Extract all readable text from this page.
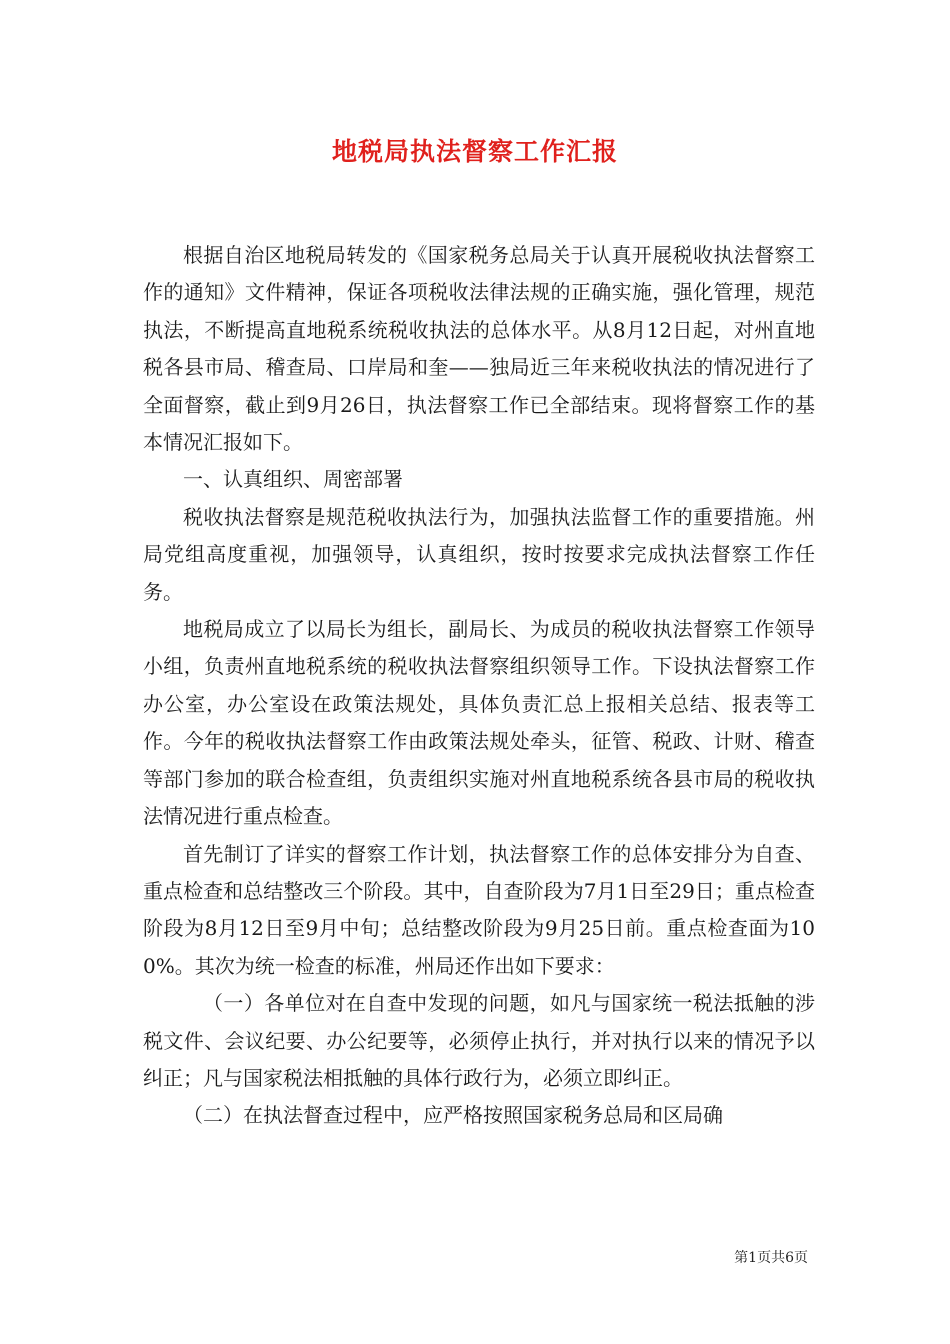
地税局执法督察工作汇报

根据自治区地税局转发的《国家税务总局关于认真开展税收执法督察工作的通知》文件精神，保证各项税收法律法规的正确实施，强化管理，规范执法，不断提高直地税系统税收执法的总体水平。从8月12日起，对州直地税各县市局、稽查局、口岸局和奎——独局近三年来税收执法的情况进行了全面督察，截止到9月26日，执法督察工作已全部结束。现将督察工作的基本情况汇报如下。

一、认真组织、周密部署

税收执法督察是规范税收执法行为，加强执法监督工作的重要措施。州局党组高度重视，加强领导，认真组织，按时按要求完成执法督察工作任务。

地税局成立了以局长为组长，副局长、为成员的税收执法督察工作领导小组，负责州直地税系统的税收执法督察组织领导工作。下设执法督察工作办公室，办公室设在政策法规处，具体负责汇总上报相关总结、报表等工作。今年的税收执法督察工作由政策法规处牵头，征管、税政、计财、稽查等部门参加的联合检查组，负责组织实施对州直地税系统各县市局的税收执法情况进行重点检查。

首先制订了详实的督察工作计划，执法督察工作的总体安排分为自查、重点检查和总结整改三个阶段。其中，自查阶段为7月1日至29日；重点检查阶段为8月12日至9月中旬；总结整改阶段为9月25日前。重点检查面为100%。其次为统一检查的标准，州局还作出如下要求：

（一）各单位对在自查中发现的问题，如凡与国家统一税法抵触的涉税文件、会议纪要、办公纪要等，必须停止执行，并对执行以来的情况予以纠正；凡与国家税法相抵触的具体行政行为，必须立即纠正。

（二）在执法督查过程中，应严格按照国家税务总局和区局确

第1页共6页
